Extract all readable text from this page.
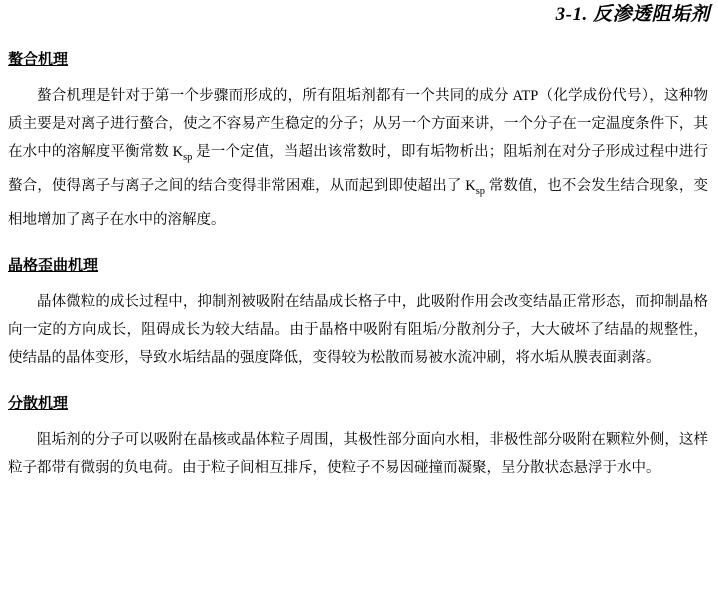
3-1. 反渗透阻垢剂
螯合机理

螯合机理是针对于第一个步骤而形成的，所有阻垢剂都有一个共同的成分 ATP（化学成份代号），这种物质主要是对离子进行螯合，使之不容易产生稳定的分子；从另一个方面来讲，一个分子在一定温度条件下，其在水中的溶解度平衡常数 $K_{sp}$ 是一个定值，当超出该常数时，即有垢物析出；阻垢剂在对分子形成过程中进行螯合，使得离子与离子之间的结合变得非常困难，从而起到即使超出了 $K_{sp}$ 常数值，也不会发生结合现象，变相地增加了离子在水中的溶解度。

晶格歪曲机理

晶体微粒的成长过程中，抑制剂被吸附在结晶成长格子中，此吸附作用会改变结晶正常形态，而抑制晶格向一定的方向成长，阻碍成长为较大结晶。由于晶格中吸附有阻垢/分散剂分子，大大破坏了结晶的规整性，使结晶的晶体变形，导致水垢结晶的强度降低，变得较为松散而易被水流冲刷，将水垢从膜表面剥落。

分散机理

阻垢剂的分子可以吸附在晶核或晶体粒子周围，其极性部分面向水相，非极性部分吸附在颗粒外侧，这样粒子都带有微弱的负电荷。由于粒子间相互排斥，使粒子不易因碰撞而凝聚，呈分散状态悬浮于水中。
